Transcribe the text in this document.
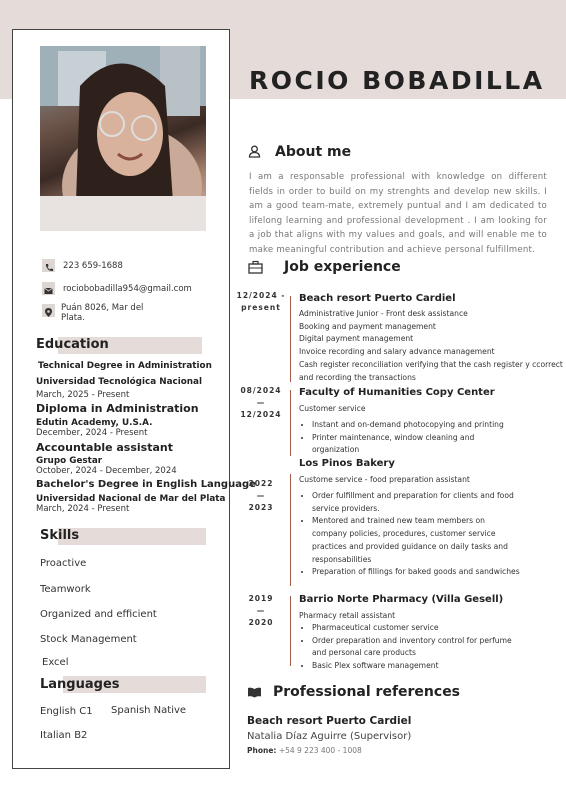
ROCIO BOBADILLA
223 659-1688
rociobobadilla954@gmail.com
Puán 8026, Mar del
Plata.
Education
Technical Degree in Administration
Universidad Tecnológica Nacional
March, 2025 - Present
Diploma in Administration
Edutin Academy, U.S.A.
December, 2024 - Present
Accountable assistant
Grupo Gestar
October, 2024 - December, 2024
Bachelor's Degree in English Language
Universidad Nacional de Mar del Plata
March, 2024 - Present
Skills
Proactive
Teamwork
Organized and efficient
Stock Management
Excel
Languages
English C1 Spanish Native
Italian B2
About me
I am a responsable professional with knowledge on different fields in order to build on my strenghts and develop new skills. I am a good team-mate, extremely puntual and I am dedicated to lifelong learning and professional development . I am looking for a job that aligns with my values and goals, and will enable me to make meaningful contribution and achieve personal fulfillment.
Job experience
12/2024 -
present
Beach resort Puerto Cardiel
Administrative Junior - Front desk assistance
Booking and payment management
Digital payment management
Invoice recording and salary advance management
Cash register reconciliation verifying that the cash register y ccorrect
and recording the transactions
08/2024
—
12/2024
Faculty of Humanities Copy Center
Customer service
• Instant and on-demand photocopying and printing
• Printer maintenance, window cleaning and organization
2022
—
2023
Los Pinos Bakery
Custome service - food preparation assistant
• Order fulfillment and preparation for clients and food service providers.
• Mentored and trained new team members on company policies, procedures, customer service practices and provided guidance on daily tasks and responsabilities
• Preparation of fillings for baked goods and sandwiches
2019
—
2020
Barrio Norte Pharmacy (Villa Gesell)
Pharmacy retail assistant
• Pharmaceutical customer service
• Order preparation and inventory control for perfume and personal care products
• Basic Plex software management
Professional references
Beach resort Puerto Cardiel
Natalia Díaz Aguirre (Supervisor)
Phone: +54 9 223 400 - 1008
